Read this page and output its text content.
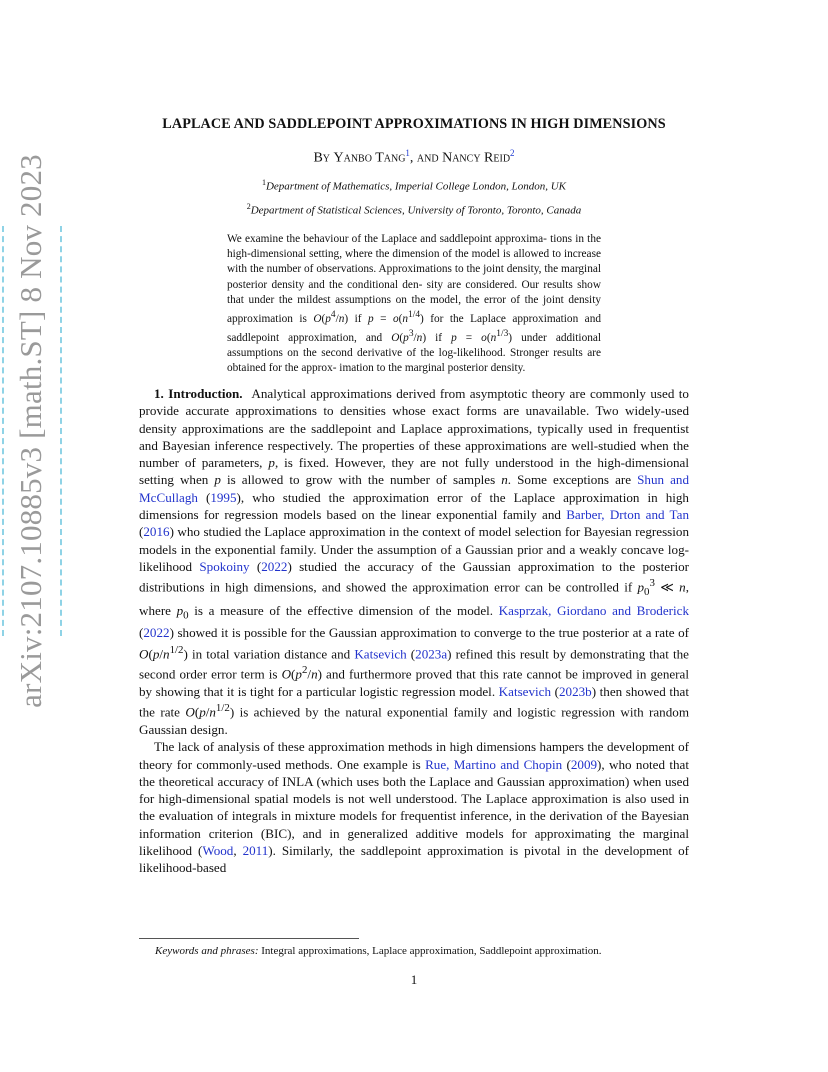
arXiv:2107.10885v3 [math.ST] 8 Nov 2023
LAPLACE AND SADDLEPOINT APPROXIMATIONS IN HIGH DIMENSIONS
By Yanbo Tang$^1$, and Nancy Reid$^2$
$^1$Department of Mathematics, Imperial College London, London, UK
$^2$Department of Statistical Sciences, University of Toronto, Toronto, Canada
We examine the behaviour of the Laplace and saddlepoint approxima- tions in the high-dimensional setting, where the dimension of the model is allowed to increase with the number of observations. Approximations to the joint density, the marginal posterior density and the conditional den- sity are considered. Our results show that under the mildest assumptions on the model, the error of the joint density approximation is $O(p^4/n)$ if $p = o(n^{1/4})$ for the Laplace approximation and saddlepoint approximation, and $O(p^3/n)$ if $p = o(n^{1/3})$ under additional assumptions on the second derivative of the log-likelihood. Stronger results are obtained for the approx- imation to the marginal posterior density.

1. Introduction.  Analytical approximations derived from asymptotic theory are commonly used to provide accurate approximations to densities whose exact forms are unavailable. Two widely-used density approximations are the saddlepoint and Laplace approximations, typically used in frequentist and Bayesian inference respectively. The properties of these approximations are well-studied when the number of parameters, p, is fixed. However, they are not fully understood in the high-dimensional setting when p is allowed to grow with the number of samples n. Some exceptions are Shun and McCullagh (1995), who studied the approximation error of the Laplace approximation in high dimensions for regression models based on the linear exponential family and Barber, Drton and Tan (2016) who studied the Laplace approximation in the context of model selection for Bayesian regression models in the exponential family. Under the assumption of a Gaussian prior and a weakly concave log-likelihood Spokoiny (2022) studied the accuracy of the Gaussian approximation to the posterior distributions in high dimensions, and showed the approximation error can be controlled if $p_0^3$ ≪ n, where $p_0$ is a measure of the effective dimension of the model. Kasprzak, Giordano and Broderick (2022) showed it is possible for the Gaussian approximation to converge to the true posterior at a rate of $O(p/n^{1/2})$ in total variation distance and Katsevich (2023a) refined this result by demonstrating that the second order error term is $O(p^2/n)$ and furthermore proved that this rate cannot be improved in general by showing that it is tight for a particular logistic regression model. Katsevich (2023b) then showed that the rate $O(p/n^{1/2})$ is achieved by the natural exponential family and logistic regression with random Gaussian design.

The lack of analysis of these approximation methods in high dimensions hampers the development of theory for commonly-used methods. One example is Rue, Martino and Chopin (2009), who noted that the theoretical accuracy of INLA (which uses both the Laplace and Gaussian approximation) when used for high-dimensional spatial models is not well understood. The Laplace approximation is also used in the evaluation of integrals in mixture models for frequentist inference, in the derivation of the Bayesian information criterion (BIC), and in generalized additive models for approximating the marginal likelihood (Wood, 2011). Similarly, the saddlepoint approximation is pivotal in the development of likelihood-based

Keywords and phrases: Integral approximations, Laplace approximation, Saddlepoint approximation.
1
